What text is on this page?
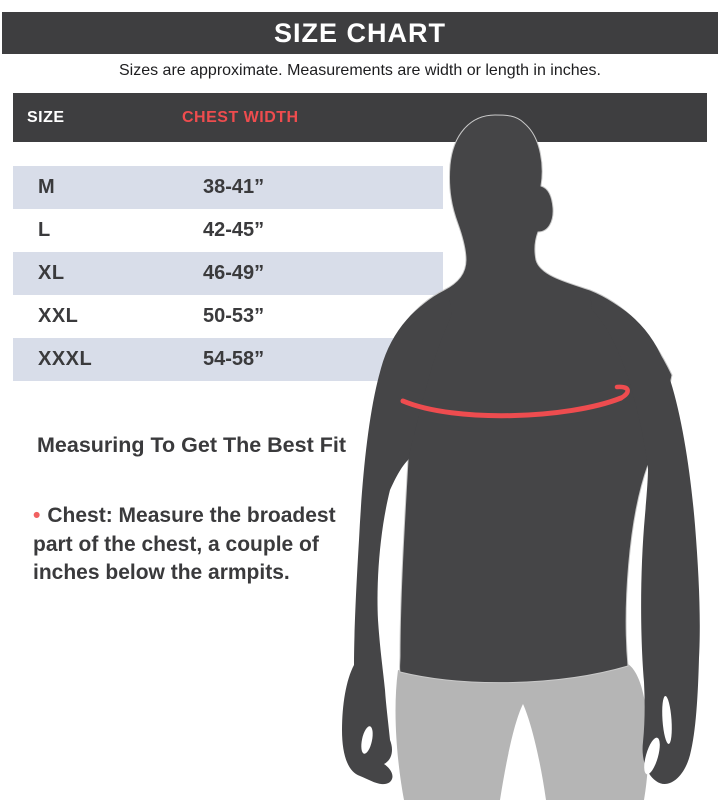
SIZE CHART
Sizes are approximate. Measurements are width or length in inches.
SIZE	CHEST WIDTH
M	38-41”
L	42-45”
XL	46-49”
XXL	50-53”
XXXL	54-58”
Measuring To Get The Best Fit

• Chest: Measure the broadest part of the chest, a couple of inches below the armpits.
